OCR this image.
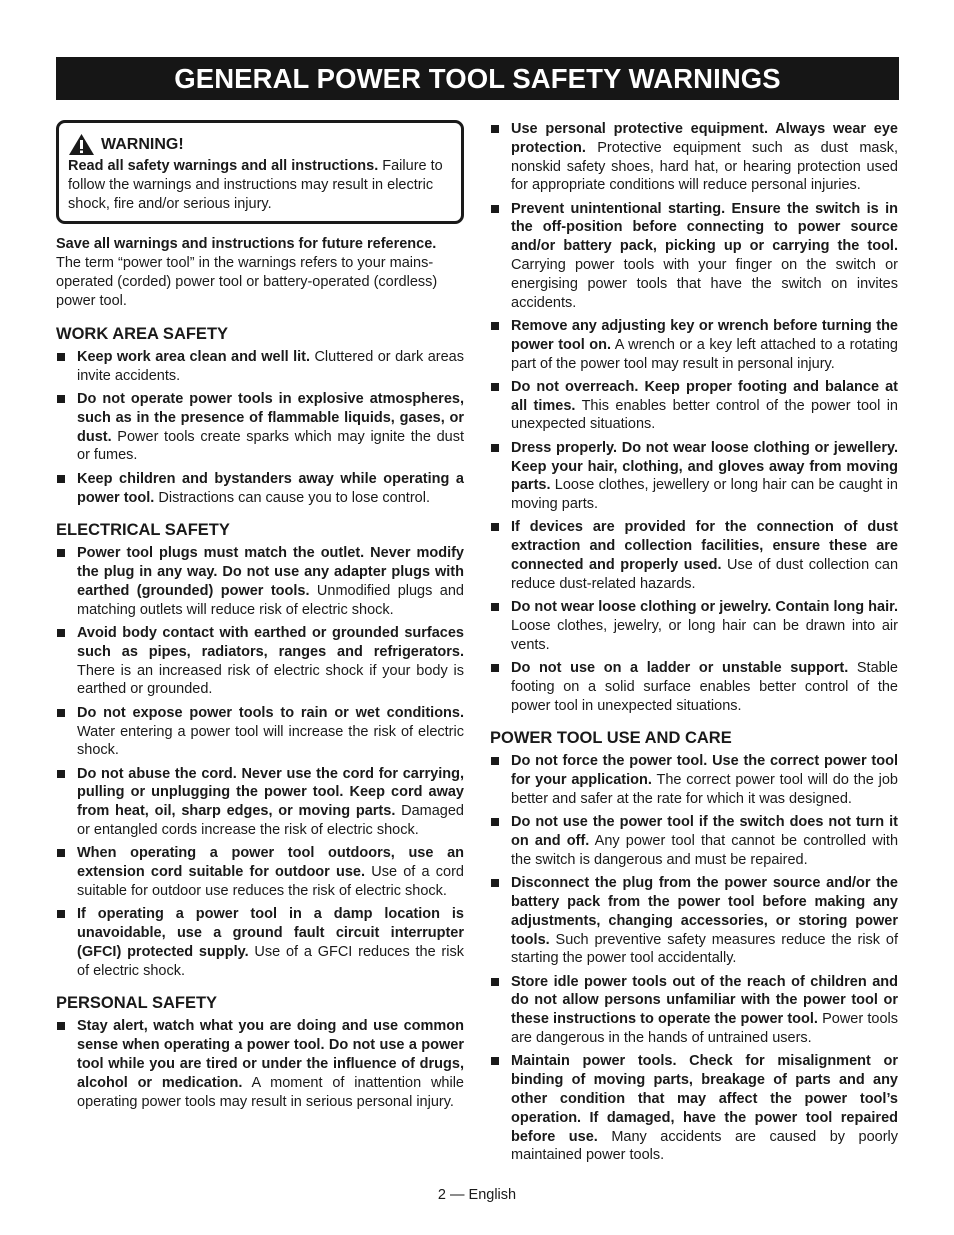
GENERAL POWER TOOL SAFETY WARNINGS
WARNING!
Read all safety warnings and all instructions. Failure to follow the warnings and instructions may result in electric shock, fire and/or serious injury.

Save all warnings and instructions for future reference. The term “power tool” in the warnings refers to your mains-operated (corded) power tool or battery-operated (cordless) power tool.

WORK AREA SAFETY
Keep work area clean and well lit. Cluttered or dark areas invite accidents.
Do not operate power tools in explosive atmospheres, such as in the presence of flammable liquids, gases, or dust. Power tools create sparks which may ignite the dust or fumes.
Keep children and bystanders away while operating a power tool. Distractions can cause you to lose control.
ELECTRICAL SAFETY
Power tool plugs must match the outlet. Never modify the plug in any way. Do not use any adapter plugs with earthed (grounded) power tools. Unmodified plugs and matching outlets will reduce risk of electric shock.
Avoid body contact with earthed or grounded surfaces such as pipes, radiators, ranges and refrigerators. There is an increased risk of electric shock if your body is earthed or grounded.
Do not expose power tools to rain or wet conditions. Water entering a power tool will increase the risk of electric shock.
Do not abuse the cord. Never use the cord for carrying, pulling or unplugging the power tool. Keep cord away from heat, oil, sharp edges, or moving parts. Damaged or entangled cords increase the risk of electric shock.
When operating a power tool outdoors, use an extension cord suitable for outdoor use. Use of a cord suitable for outdoor use reduces the risk of electric shock.
If operating a power tool in a damp location is unavoidable, use a ground fault circuit interrupter (GFCI) protected supply. Use of a GFCI reduces the risk of electric shock.
PERSONAL SAFETY
Stay alert, watch what you are doing and use common sense when operating a power tool. Do not use a power tool while you are tired or under the influence of drugs, alcohol or medication. A moment of inattention while operating power tools may result in serious personal injury.
Use personal protective equipment. Always wear eye protection. Protective equipment such as dust mask, nonskid safety shoes, hard hat, or hearing protection used for appropriate conditions will reduce personal injuries.
Prevent unintentional starting. Ensure the switch is in the off-position before connecting to power source and/or battery pack, picking up or carrying the tool. Carrying power tools with your finger on the switch or energising power tools that have the switch on invites accidents.
Remove any adjusting key or wrench before turning the power tool on. A wrench or a key left attached to a rotating part of the power tool may result in personal injury.
Do not overreach. Keep proper footing and balance at all times. This enables better control of the power tool in unexpected situations.
Dress properly. Do not wear loose clothing or jewellery. Keep your hair, clothing, and gloves away from moving parts. Loose clothes, jewellery or long hair can be caught in moving parts.
If devices are provided for the connection of dust extraction and collection facilities, ensure these are connected and properly used. Use of dust collection can reduce dust-related hazards.
Do not wear loose clothing or jewelry. Contain long hair. Loose clothes, jewelry, or long hair can be drawn into air vents.
Do not use on a ladder or unstable support. Stable footing on a solid surface enables better control of the power tool in unexpected situations.
POWER TOOL USE AND CARE
Do not force the power tool. Use the correct power tool for your application. The correct power tool will do the job better and safer at the rate for which it was designed.
Do not use the power tool if the switch does not turn it on and off. Any power tool that cannot be controlled with the switch is dangerous and must be repaired.
Disconnect the plug from the power source and/or the battery pack from the power tool before making any adjustments, changing accessories, or storing power tools. Such preventive safety measures reduce the risk of starting the power tool accidentally.
Store idle power tools out of the reach of children and do not allow persons unfamiliar with the power tool or these instructions to operate the power tool. Power tools are dangerous in the hands of untrained users.
Maintain power tools. Check for misalignment or binding of moving parts, breakage of parts and any other condition that may affect the power tool’s operation. If damaged, have the power tool repaired before use. Many accidents are caused by poorly maintained power tools.
2 — English
